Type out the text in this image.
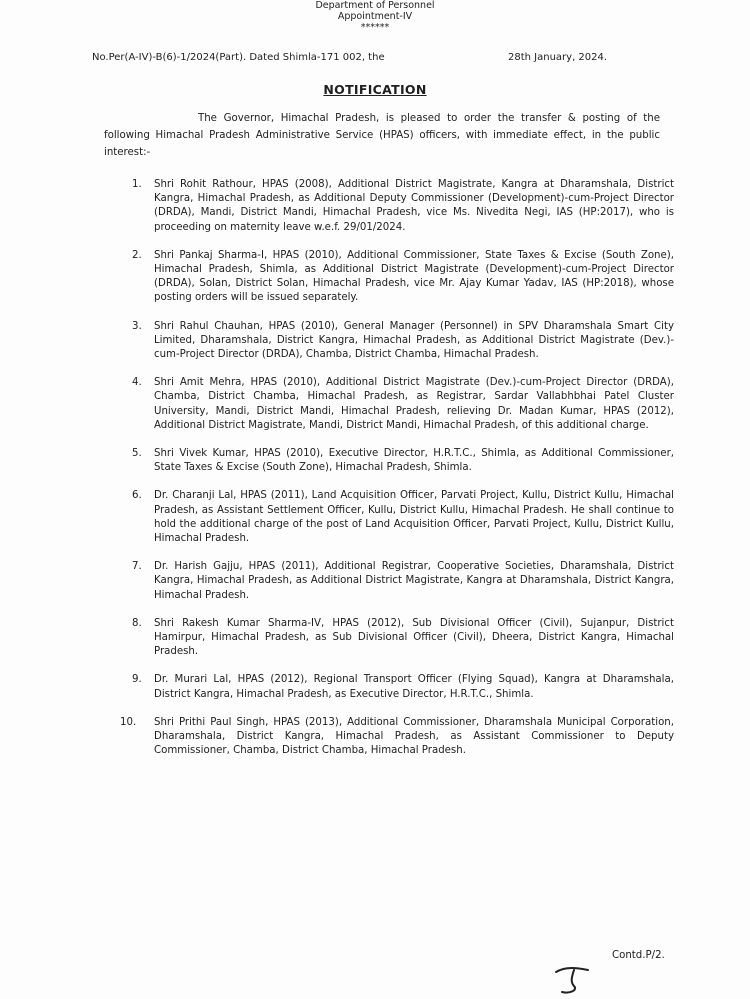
Department of Personnel
Appointment-IV
******
No.Per(A-IV)-B(6)-1/2024(Part). Dated Shimla-171 002, the	28th January, 2024.
NOTIFICATION
The Governor, Himachal Pradesh, is pleased to order the transfer & posting of the following Himachal Pradesh Administrative Service (HPAS) officers, with immediate effect, in the public interest:-
1. Shri Rohit Rathour, HPAS (2008), Additional District Magistrate, Kangra at Dharamshala, District Kangra, Himachal Pradesh, as Additional Deputy Commissioner (Development)-cum-Project Director (DRDA), Mandi, District Mandi, Himachal Pradesh, vice Ms. Nivedita Negi, IAS (HP:2017), who is proceeding on maternity leave w.e.f. 29/01/2024.
2. Shri Pankaj Sharma-I, HPAS (2010), Additional Commissioner, State Taxes & Excise (South Zone), Himachal Pradesh, Shimla, as Additional District Magistrate (Development)-cum-Project Director (DRDA), Solan, District Solan, Himachal Pradesh, vice Mr. Ajay Kumar Yadav, IAS (HP:2018), whose posting orders will be issued separately.
3. Shri Rahul Chauhan, HPAS (2010), General Manager (Personnel) in SPV Dharamshala Smart City Limited, Dharamshala, District Kangra, Himachal Pradesh, as Additional District Magistrate (Dev.)-cum-Project Director (DRDA), Chamba, District Chamba, Himachal Pradesh.
4. Shri Amit Mehra, HPAS (2010), Additional District Magistrate (Dev.)-cum-Project Director (DRDA), Chamba, District Chamba, Himachal Pradesh, as Registrar, Sardar Vallabhbhai Patel Cluster University, Mandi, District Mandi, Himachal Pradesh, relieving Dr. Madan Kumar, HPAS (2012), Additional District Magistrate, Mandi, District Mandi, Himachal Pradesh, of this additional charge.
5. Shri Vivek Kumar, HPAS (2010), Executive Director, H.R.T.C., Shimla, as Additional Commissioner, State Taxes & Excise (South Zone), Himachal Pradesh, Shimla.
6. Dr. Charanji Lal, HPAS (2011), Land Acquisition Officer, Parvati Project, Kullu, District Kullu, Himachal Pradesh, as Assistant Settlement Officer, Kullu, District Kullu, Himachal Pradesh. He shall continue to hold the additional charge of the post of Land Acquisition Officer, Parvati Project, Kullu, District Kullu, Himachal Pradesh.
7. Dr. Harish Gajju, HPAS (2011), Additional Registrar, Cooperative Societies, Dharamshala, District Kangra, Himachal Pradesh, as Additional District Magistrate, Kangra at Dharamshala, District Kangra, Himachal Pradesh.
8. Shri Rakesh Kumar Sharma-IV, HPAS (2012), Sub Divisional Officer (Civil), Sujanpur, District Hamirpur, Himachal Pradesh, as Sub Divisional Officer (Civil), Dheera, District Kangra, Himachal Pradesh.
9. Dr. Murari Lal, HPAS (2012), Regional Transport Officer (Flying Squad), Kangra at Dharamshala, District Kangra, Himachal Pradesh, as Executive Director, H.R.T.C., Shimla.
10. Shri Prithi Paul Singh, HPAS (2013), Additional Commissioner, Dharamshala Municipal Corporation, Dharamshala, District Kangra, Himachal Pradesh, as Assistant Commissioner to Deputy Commissioner, Chamba, District Chamba, Himachal Pradesh.
Contd.P/2.
